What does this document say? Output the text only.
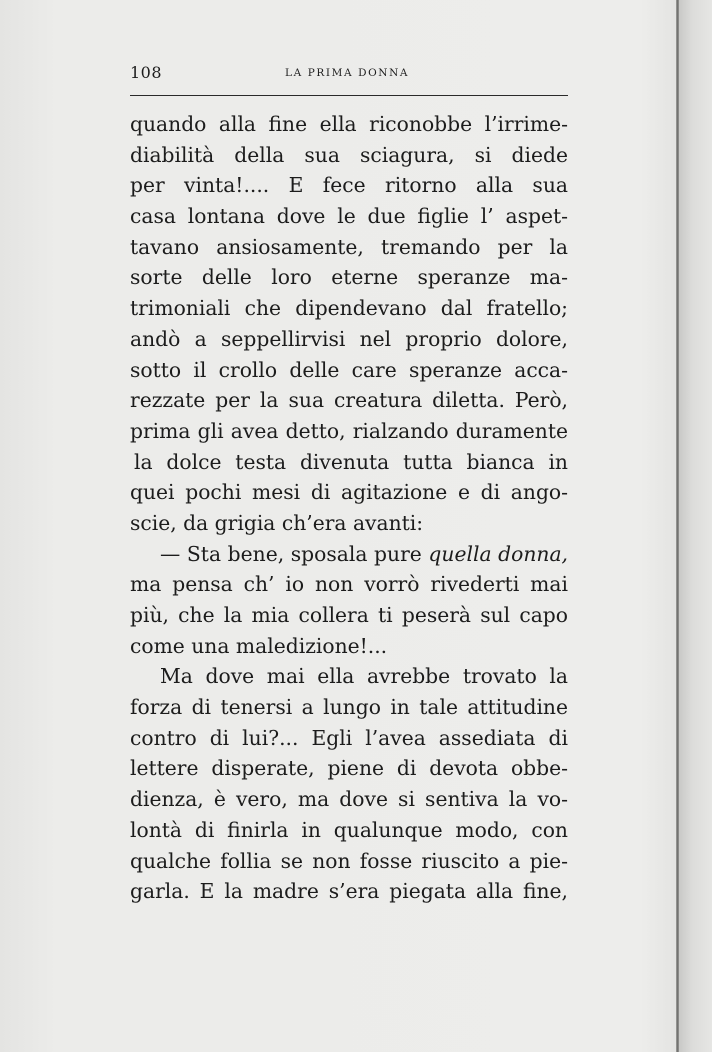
108	LA PRIMA DONNA
quando alla fine ella riconobbe l’irrime-
diabilità della sua sciagura, si diede
per vinta!.... E fece ritorno alla sua
casa lontana dove le due figlie l’ aspet-
tavano ansiosamente, tremando per la
sorte delle loro eterne speranze ma-
trimoniali che dipendevano dal fratello;
andò a seppellirvisi nel proprio dolore,
sotto il crollo delle care speranze acca-
rezzate per la sua creatura diletta. Però,
prima gli avea detto, rialzando duramente
la dolce testa divenuta tutta bianca in
quei pochi mesi di agitazione e di ango-
scie, da grigia ch’era avanti:
— Sta bene, sposala pure quella donna,
ma pensa ch’ io non vorrò rivederti mai
più, che la mia collera ti peserà sul capo
come una maledizione!...
Ma dove mai ella avrebbe trovato la
forza di tenersi a lungo in tale attitudine
contro di lui?... Egli l’avea assediata di
lettere disperate, piene di devota obbe-
dienza, è vero, ma dove si sentiva la vo-
lontà di finirla in qualunque modo, con
qualche follia se non fosse riuscito a pie-
garla. E la madre s’era piegata alla fine,
